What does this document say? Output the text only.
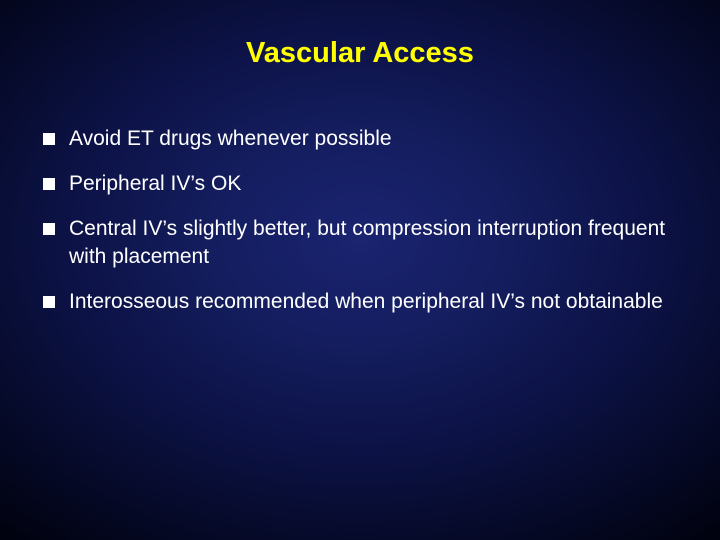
Vascular Access
Avoid ET drugs whenever possible
Peripheral IV’s OK
Central IV’s slightly better, but compression interruption frequent with placement
Interosseous recommended when peripheral IV’s not obtainable
